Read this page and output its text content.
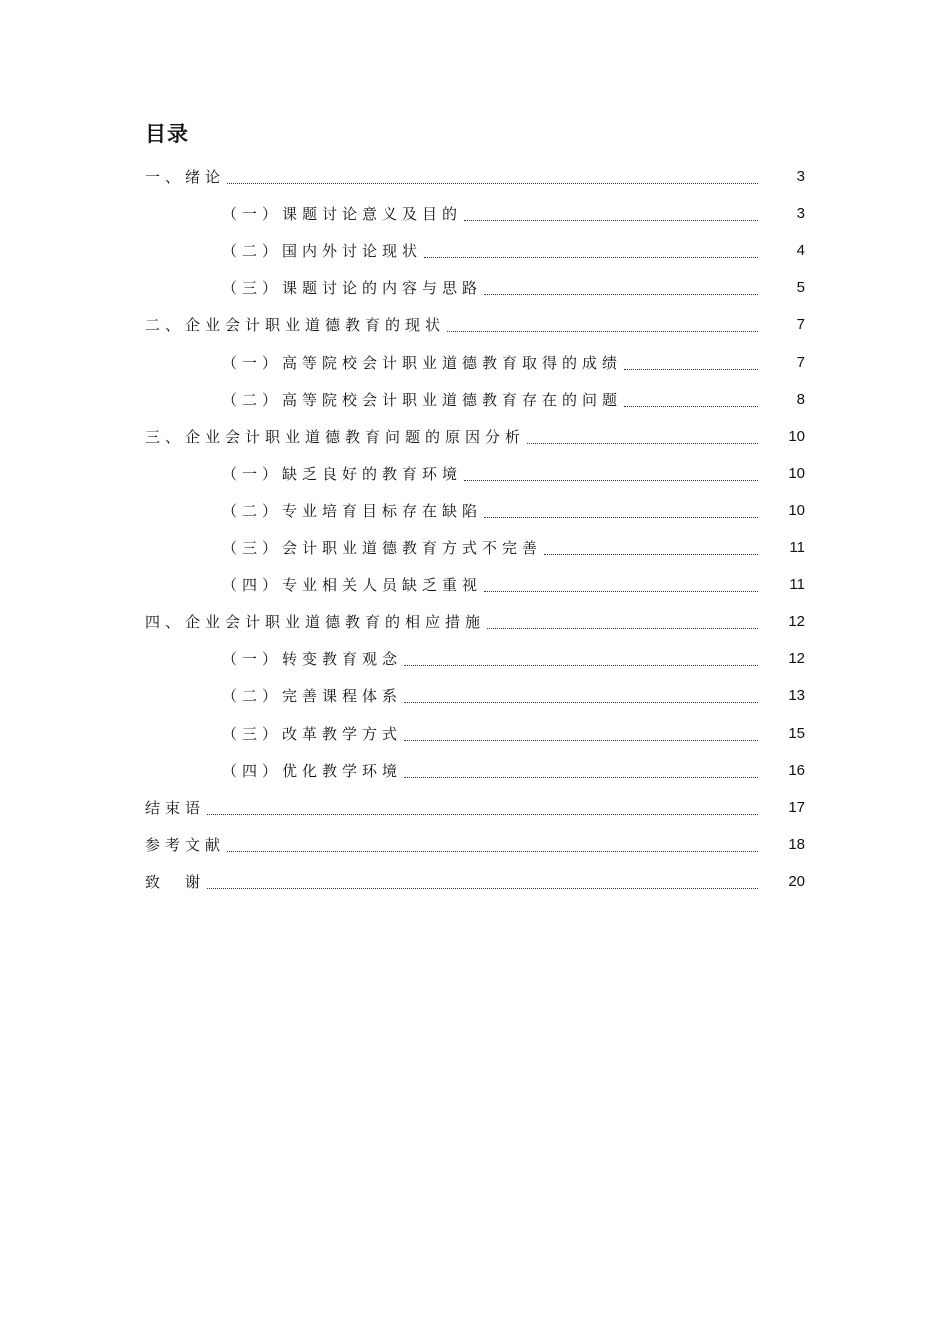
目录
一、绪论	3
（一）课题讨论意义及目的	3
（二）国内外讨论现状	4
（三）课题讨论的内容与思路	5
二、企业会计职业道德教育的现状	7
（一）高等院校会计职业道德教育取得的成绩	7
（二）高等院校会计职业道德教育存在的问题	8
三、企业会计职业道德教育问题的原因分析	10
（一）缺乏良好的教育环境	10
（二）专业培育目标存在缺陷	10
（三）会计职业道德教育方式不完善	11
（四）专业相关人员缺乏重视	11
四、企业会计职业道德教育的相应措施	12
（一）转变教育观念	12
（二）完善课程体系	13
（三）改革教学方式	15
（四）优化教学环境	16
结束语	17
参考文献	18
致　谢	20
